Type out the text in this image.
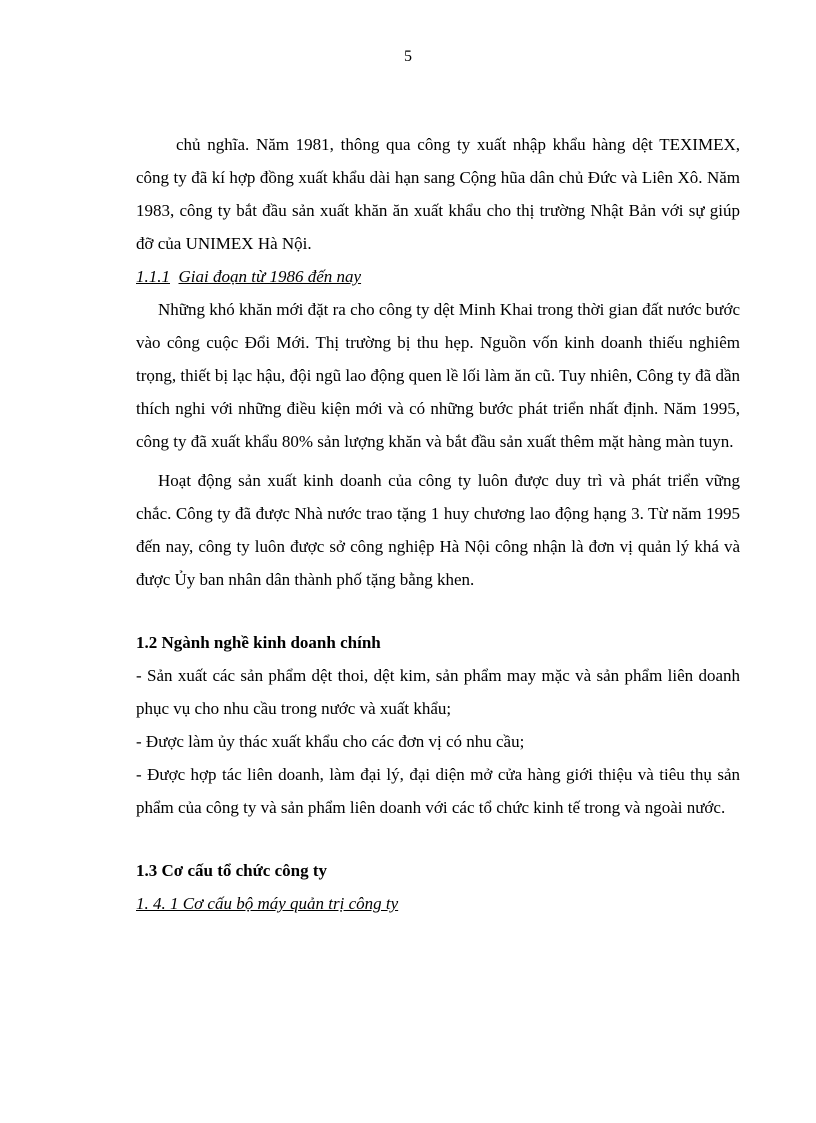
5

chủ nghĩa. Năm 1981, thông qua công ty xuất nhập khẩu hàng dệt TEXIMEX, công ty đã kí hợp đồng xuất khẩu dài hạn sang Cộng hũa dân chủ Đức và Liên Xô. Năm 1983, công ty bắt đầu sản xuất khăn ăn xuất khẩu cho thị trường Nhật Bản với sự giúp đỡ của UNIMEX Hà Nội.

1.1.1 Giai đoạn từ 1986 đến nay

Những khó khăn mới đặt ra cho công ty dệt Minh Khai trong thời gian đất nước bước vào công cuộc Đổi Mới. Thị trường bị thu hẹp. Nguồn vốn kinh doanh thiếu nghiêm trọng, thiết bị lạc hậu, đội ngũ lao động quen lề lối làm ăn cũ. Tuy nhiên, Công ty đã dần thích nghi với những điều kiện mới và có những bước phát triển nhất định. Năm 1995, công ty đã xuất khẩu 80% sản lượng khăn và bắt đầu sản xuất thêm mặt hàng màn tuyn.

Hoạt động sản xuất kinh doanh của công ty luôn được duy trì và phát triển vững chắc. Công ty đã được Nhà nước trao tặng 1 huy chương lao động hạng 3. Từ năm 1995 đến nay, công ty luôn được sở công nghiệp Hà Nội công nhận là đơn vị quản lý khá và được Ủy ban nhân dân thành phố tặng bằng khen.

1.2 Ngành nghề kinh doanh chính

- Sản xuất các sản phẩm dệt thoi, dệt kim, sản phẩm may mặc và sản phẩm liên doanh phục vụ cho nhu cầu trong nước và xuất khẩu;

- Được làm ủy thác xuất khẩu cho các đơn vị có nhu cầu;

- Được hợp tác liên doanh, làm đại lý, đại diện mở cửa hàng giới thiệu và tiêu thụ sản phẩm của công ty và sản phẩm liên doanh với các tổ chức kinh tế trong và ngoài nước.

1.3 Cơ cấu tổ chức công ty

1. 4. 1 Cơ cấu bộ máy quản trị công ty
